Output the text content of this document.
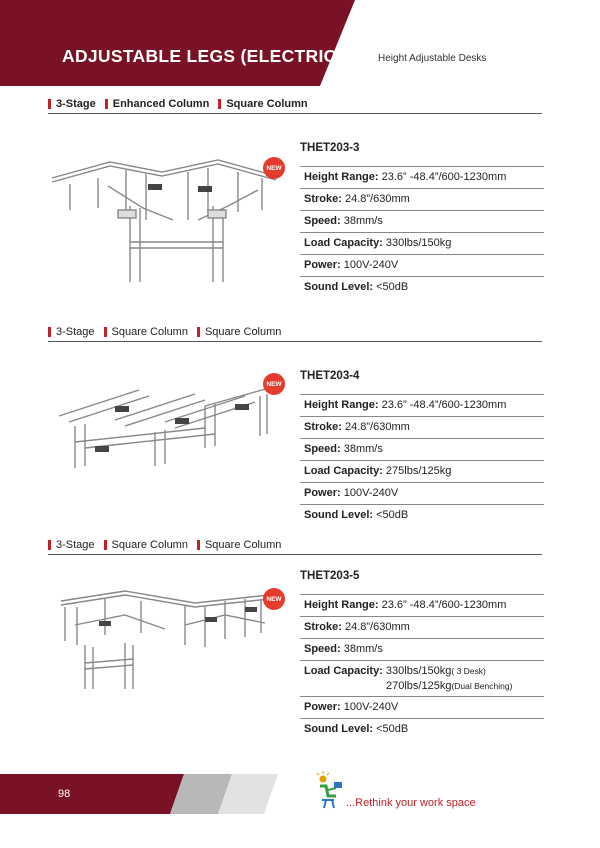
ADJUSTABLE LEGS (ELECTRIC)	Height Adjustable Desks
3-Stage Enhanced Column Square Column
NEW
THET203-3
Height Range: 23.6” -48.4”/600-1230mm
Stroke: 24.8”/630mm
Speed: 38mm/s
Load Capacity: 330lbs/150kg
Power: 100V-240V
Sound Level: <50dB
3-Stage Square Column Square Column
NEW
THET203-4
Height Range: 23.6” -48.4”/600-1230mm
Stroke: 24.8”/630mm
Speed: 38mm/s
Load Capacity: 275lbs/125kg
Power: 100V-240V
Sound Level: <50dB
3-Stage Square Column Square Column
NEW
THET203-5
Height Range: 23.6” -48.4”/600-1230mm
Stroke: 24.8”/630mm
Speed: 38mm/s
Load Capacity: 330lbs/150kg( 3 Desk)
270lbs/125kg(Dual Benching)
Power: 100V-240V
Sound Level: <50dB
98
...Rethink your work space
